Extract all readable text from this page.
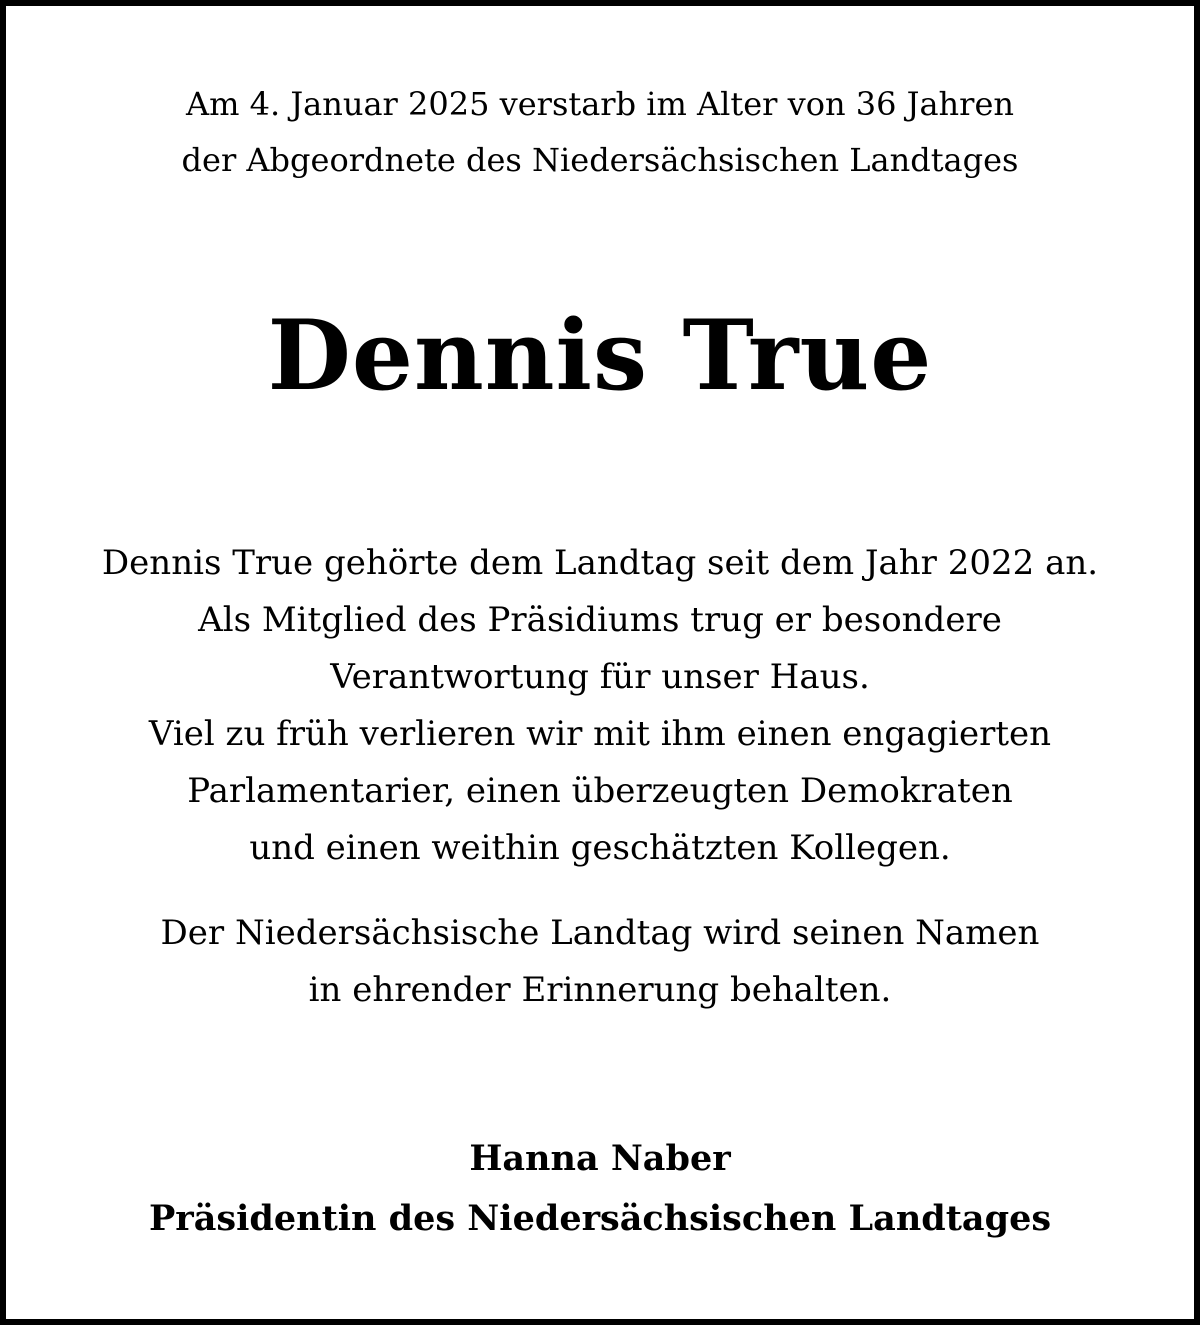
Am 4. Januar 2025 verstarb im Alter von 36 Jahren
der Abgeordnete des Niedersächsischen Landtages
Dennis True
Dennis True gehörte dem Landtag seit dem Jahr 2022 an.
Als Mitglied des Präsidiums trug er besondere
Verantwortung für unser Haus.
Viel zu früh verlieren wir mit ihm einen engagierten
Parlamentarier, einen überzeugten Demokraten
und einen weithin geschätzten Kollegen.
Der Niedersächsische Landtag wird seinen Namen
in ehrender Erinnerung behalten.
Hanna Naber
Präsidentin des Niedersächsischen Landtages
